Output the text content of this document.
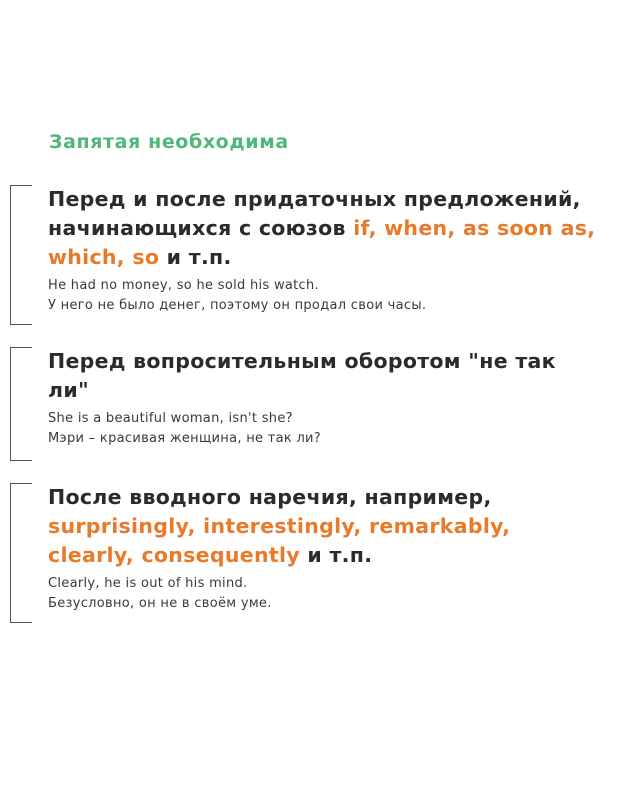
Запятая необходима

Перед и после придаточных предложений, начинающихся с союзов if, when, as soon as, which, so и т.п.

He had no money, so he sold his watch.
У него не было денег, поэтому он продал свои часы.

Перед вопросительным оборотом "не так ли"

She is a beautiful woman, isn't she?
Мэри – красивая женщина, не так ли?

После вводного наречия, например, surprisingly, interestingly, remarkably, clearly, consequently и т.п.

Clearly, he is out of his mind.
Безусловно, он не в своём уме.
